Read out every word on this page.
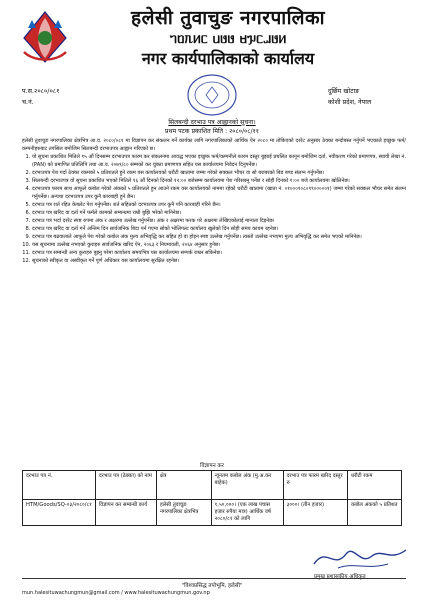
हलेसी तुवाचुङ नगरपालिका
ᥐᥝᥰᥢᥴ ᥙᥳᥳ ᥛᥭᥴᥘᥳᥢ
नगर कार्यपालिकाको कार्यालय
प.स.२०८०/०८१
च.नं.
दुर्छिम खोटाङ
कोशी प्रदेश, नेपाल
सिलबन्दी दरभाउ पत्र आह्वानको सूचना।
प्रथम पटक प्रकाशित मिति : २०८०/०८/११

हलेसी तुवाचुङ नगरपालिका क्षेत्रभित्र आ.व. २०८०/०८१ मा विज्ञापन कर संकलन गर्ने कार्यका लागि नगरपालिकाको आर्थिक ऐन २०८० मा तोकिएको दररेट अनुसार ठेक्का बन्दोबस्त गर्नुपर्ने भएकाले इच्छुक फर्म/कम्पनीहरुबाट तपसिल बमोजिम सिलबन्दी दरभाउपत्र आह्वान गरिएको छ।

1. यो सूचना प्रकाशित मितिले १५ औं दिनसम्म दरभाउपत्र फारम कर संकलनमा आवद्ध भएका इच्छुक फर्म/कम्पनीले फारम दस्तुर बुझाई प्रचलित कानून बमोजिम दर्ता, नवीकरण गरेको प्रमाणपत्र, स्थायी लेखा नं. (PAN) को प्रमाणित प्रतिलिपि तथा आ.व. २०७९/८० सम्मको कर चुक्ता प्रमाणपत्र सहित यस कार्यालयमा निवेदन दिनुपर्नेछ।
2. दरभाउपत्र पेश गर्दा ठेक्का रकमको ५ प्रतिशतले हुने रकम यस कार्यालयको धरौटी खातामा जम्मा गरेको सक्कल भौचर वा सो बराबरको बिड बण्ड संलग्न गर्नुपर्नेछ।
3. सिलबन्दी दरभाउपत्र यो सूचना प्रकाशित भएको मितिले १६ औं दिनको दिनको १२:०० बजेसम्म कार्यालयमा पेश गरिसक्नु पर्नेछ र सोही दिनको १:०० बजे कार्यालयमा खोलिनेछ।
4. दरभाउपत्र फारम साथ आफूले कबोल गरेको अंकको ५ प्रतिशतले हुन आउने रकम यस कार्यालयको नाममा रहेको धरौटी खातामा (खाता नं. ०१०००१०८०९९०००००१) जम्मा गरेको सक्कल भौचर समेत संलग्न गर्नुपर्नेछ। अन्यथा दरभाउपत्र उपर कुनै कारबाही हुने छैन।
5. दरभाउ पत्र शर्त रहित केबलेट पेश गर्नुपर्नेछ। शर्त सहितको दरभाउपत्र उपर कुनै पनि कारबाही गरिने छैन।
6. दरभाउ पत्र खरिद वा दर्ता गर्ने फर्मले कामको सम्बन्धमा राम्री बुझि भरेको मानिनेछ।
7. दरभाउ पत्र भर्दा दररेट स्पष्ट रुपमा अंक र अक्षरमा उल्लेख गर्नुपर्नेछ। अंक र अक्षरमा फरक परे अक्षरमा लेखिएकोलाई मान्यता दिइनेछ।
8. दरभाउ पत्र खरिद वा दर्ता गर्ने अन्तिम दिन सार्वजनिक बिदा पर्न गएमा सोको भोलिपल्ट कार्यालय खुलेको दिन सोही समय कायम रहनेछ।
9. दरभाउ पत्र बढवालाले आफूले पेश गरेको कबोल अंक मुल्य अभिवृद्धि कर सहित हो वा होइन स्पष्ट उल्लेख गर्नुपर्नेछ। त्यस्तो उल्लेख नभएमा मुल्य अभिवृद्धि कर समेत भएको मानिनेछ।
10. यस सूचनामा उल्लेख नभएको कुराहरु सार्वजनिक खरिद ऐन, २०६३ र नियमावली, २०६४ अनुसार हुनेछ।
11. दरभाउ पत्र सम्बन्धी अन्य कुराहरु बुझ्नु परेमा कार्यालय समयभित्र यस कार्यालयमा सम्पर्क राख्न सकिनेछ।
12. सूचनाको स्वीकृत वा अस्वीकृत गर्ने पूर्ण अधिकार यस कार्यालयमा सुरक्षित रहनेछ।
विज्ञापन कर
दरभाउ पत्र नं.	दरभाउ पत्र (ठेक्का) को नाम	क्षेत्र	न्यूनतम कबोल अंक (मु.अ.कर बाहेक)	दरभाउ पत्र फारम खरिद दस्तुर रु	धरौटी रकम
HTM/Goods/SQ-०३/२०८०/८१	विज्ञापन कर सम्बन्धी कार्य	हलेसी तुवाचुङ नगरपालिका क्षेत्रभित्र	१,५०,०००। (एक लाख पचास हजार रुपैया मात्र) आर्थिक वर्ष २०८०/८१ को लागि	३०००। (तीन हजार)	कबोल अंकको ५ प्रतिशत
प्रमुख प्रशासकीय अधिकृत
"विश्वप्रसिद्ध तपोभूमि, हलेसी"
mun.halesituwachungmun@gmail.com / www.halesituwachungmun.gov.np
